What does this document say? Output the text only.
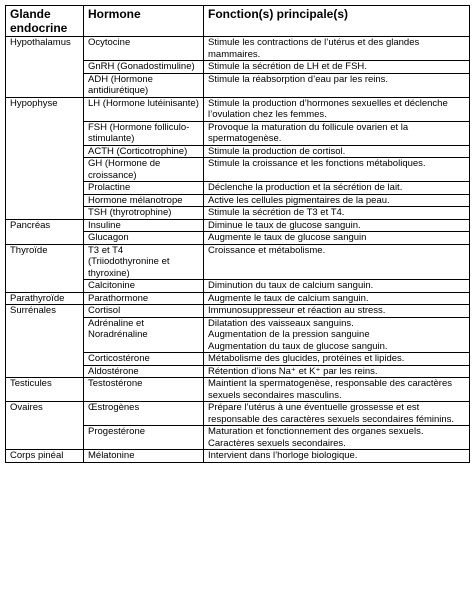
Glande
endocrine	Hormone	Fonction(s) principale(s)
Hypothalamus	Ocytocine	Stimule les contractions de l’utérus et des glandes mammaires.

	GnRH (Gonadostimuline)	Stimule la sécrétion de LH et de FSH.

	ADH (Hormone antidiurétique)	Stimule la réabsorption d’eau par les reins.

Hypophyse	LH (Hormone lutéinisante)	Stimule la production d’hormones sexuelles et déclenche l’ovulation chez les femmes.

	FSH (Hormone folliculo-stimulante)	Provoque la maturation du follicule ovarien et la spermatogenèse.

	ACTH (Corticotrophine)	Stimule la production de cortisol.

	GH (Hormone de croissance)	Stimule la croissance et les fonctions métaboliques.

	Prolactine	Déclenche la production et la sécrétion de lait.

	Hormone mélanotrope	Active les cellules pigmentaires de la peau.

	TSH (thyrotrophine)	Stimule la sécrétion de T3 et T4.

Pancréas	Insuline	Diminue le taux de glucose sanguin.

	Glucagon	Augmente le taux de glucose sanguin

Thyroïde	T3 et T4
(Triiodothyronine et
thyroxine)	Croissance et métabolisme.

	Calcitonine	Diminution du taux de calcium sanguin.

Parathyroïde	Parathormone	Augmente le taux de calcium sanguin.

Surrénales	Cortisol	Immunosuppresseur et réaction au stress.

	Adrénaline et
Noradrénaline	Dilatation des vaisseaux sanguins.
Augmentation de la pression sanguine
Augmentation du taux de glucose sanguin.

	Corticostérone	Métabolisme des glucides, protéines et lipides.

	Aldostérone	Rétention d’ions Na⁺ et K⁺ par les reins.

Testicules	Testostérone	Maintient la spermatogenèse, responsable des caractères sexuels secondaires masculins.

Ovaires	Œstrogènes	Prépare l’utérus à une éventuelle grossesse et est responsable des caractères sexuels secondaires féminins.

	Progestérone	Maturation et fonctionnement des organes sexuels.
Caractères sexuels secondaires.

Corps pinéal	Mélatonine	Intervient dans l’horloge biologique.
